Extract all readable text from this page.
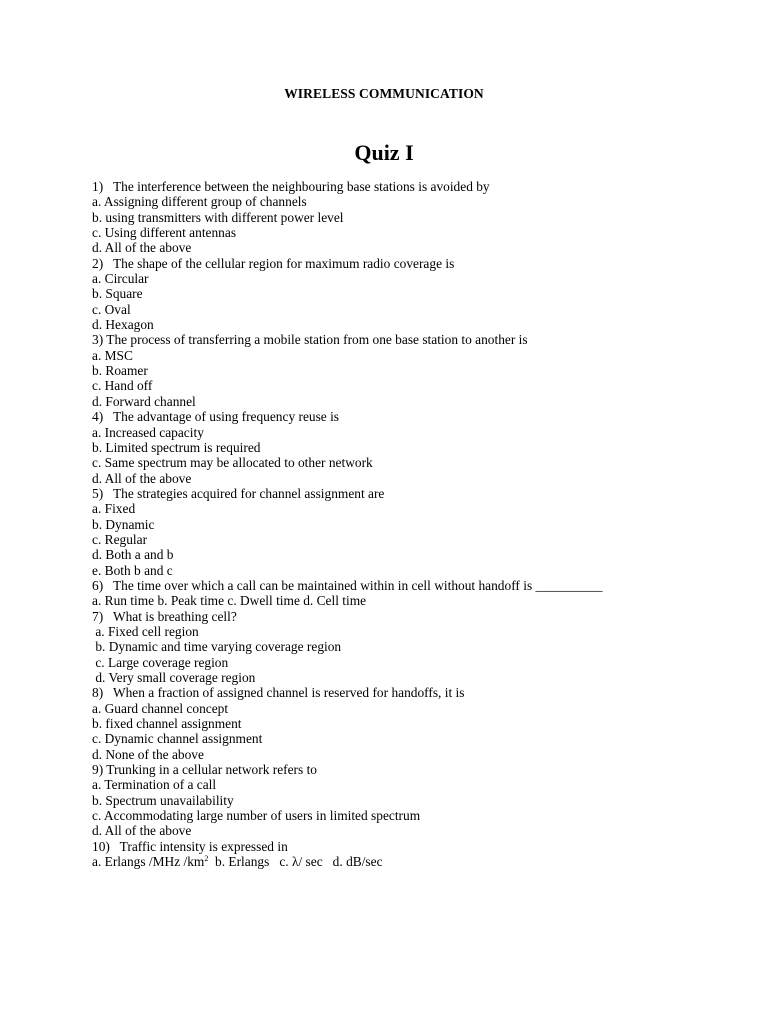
WIRELESS COMMUNICATION
Quiz I
1)   The interference between the neighbouring base stations is avoided by
a. Assigning different group of channels
b. using transmitters with different power level
c. Using different antennas
d. All of the above
2)   The shape of the cellular region for maximum radio coverage is
a. Circular
b. Square
c. Oval
d. Hexagon
3) The process of transferring a mobile station from one base station to another is
a. MSC
b. Roamer
c. Hand off
d. Forward channel
4)   The advantage of using frequency reuse is
a. Increased capacity
b. Limited spectrum is required
c. Same spectrum may be allocated to other network
d. All of the above
5)   The strategies acquired for channel assignment are
a. Fixed
b. Dynamic
c. Regular
d. Both a and b
e. Both b and c
6)   The time over which a call can be maintained within in cell without handoff is __________
a. Run time b. Peak time c. Dwell time d. Cell time
7)   What is breathing cell?
a. Fixed cell region
b. Dynamic and time varying coverage region
c. Large coverage region
d. Very small coverage region
8)   When a fraction of assigned channel is reserved for handoffs, it is
a. Guard channel concept
b. fixed channel assignment
c. Dynamic channel assignment
d. None of the above
9) Trunking in a cellular network refers to
a. Termination of a call
b. Spectrum unavailability
c. Accommodating large number of users in limited spectrum
d. All of the above
10)   Traffic intensity is expressed in
a. Erlangs /MHz $/km^2$  b. Erlangs   c. λ/ sec   d. dB/sec
